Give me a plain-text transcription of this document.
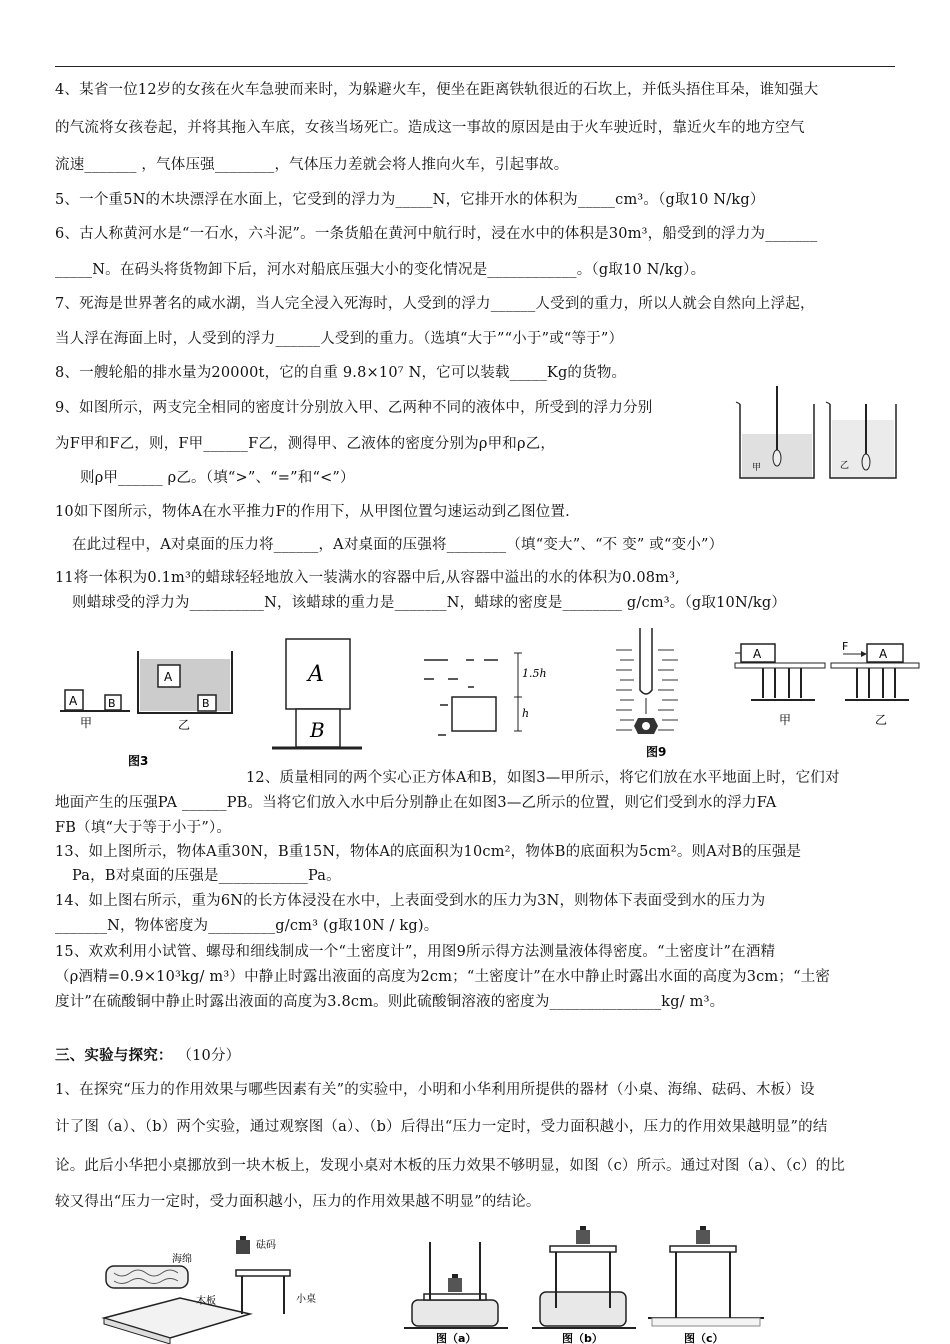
4、某省一位12岁的女孩在火车急驶而来时，为躲避火车，便坐在距离铁轨很近的石坎上，并低头捂住耳朵，谁知强大
的气流将女孩卷起，并将其拖入车底，女孩当场死亡。造成这一事故的原因是由于火车驶近时，靠近火车的地方空气
流速_______ ，气体压强________，气体压力差就会将人推向火车，引起事故。
5、一个重5N的木块漂浮在水面上，它受到的浮力为_____N，它排开水的体积为_____cm³。（g取10 N/kg）
6、古人称黄河水是“一石水，六斗泥”。一条货船在黄河中航行时，浸在水中的体积是30m³，船受到的浮力为_______
_____N。在码头将货物卸下后，河水对船底压强大小的变化情况是____________。（g取10 N/kg）。
7、死海是世界著名的咸水湖，当人完全浸入死海时，人受到的浮力______人受到的重力，所以人就会自然向上浮起，
当人浮在海面上时，人受到的浮力______人受到的重力。（选填“大于”“小于”或“等于”）
8、一艘轮船的排水量为20000t，它的自重 9.8×10⁷ N，它可以装载_____Kg的货物。
9、如图所示，两支完全相同的密度计分别放入甲、乙两种不同的液体中，所受到的浮力分别
为F甲和F乙，则，F甲______F乙，测得甲、乙液体的密度分别为ρ甲和ρ乙，
则ρ甲______ ρ乙。（填“>”、“=”和“<”）
甲	乙
10如下图所示，物体A在水平推力F的作用下，从甲图位置匀速运动到乙图位置.
在此过程中，A对桌面的压力将______，A对桌面的压强将________（填“变大”、“不 变” 或“变小”）
11将一体积为0.1m³的蜡球轻轻地放入一装满水的容器中后,从容器中溢出的水的体积为0.08m³,
则蜡球受的浮力为__________N，该蜡球的重力是_______N，蜡球的密度是________ g/cm³。（g取10N/kg）
A	B
甲
A
B
乙
图3
A
B
1.5h
h
图9
A
甲
F
A
乙
12、质量相同的两个实心正方体A和B，如图3—甲所示，将它们放在水平地面上时，它们对
地面产生的压强PA ______PB。当将它们放入水中后分别静止在如图3—乙所示的位置，则它们受到水的浮力FA
FB（填“大于等于小于”）。
13、如上图所示，物体A重30N，B重15N，物体A的底面积为10cm²，物体B的底面积为5cm²。则A对B的压强是
Pa，B对桌面的压强是____________Pa。
14、如上图右所示，重为6N的长方体浸没在水中，上表面受到水的压力为3N，则物体下表面受到水的压力为
_______N，物体密度为_________g/cm³ (g取10N / kg)。
15、欢欢利用小试管、螺母和细线制成一个“土密度计”，用图9所示得方法测量液体得密度。“土密度计”在酒精
（ρ酒精=0.9×10³kg/ m³）中静止时露出液面的高度为2cm；“土密度计”在水中静止时露出水面的高度为3cm；“土密
度计”在硫酸铜中静止时露出液面的高度为3.8cm。则此硫酸铜溶液的密度为_______________kg/ m³。
三、实验与探究： （10分）
1、在探究“压力的作用效果与哪些因素有关”的实验中，小明和小华利用所提供的器材（小桌、海绵、砝码、木板）设
计了图（a）、（b）两个实验，通过观察图（a）、（b）后得出“压力一定时，受力面积越小，压力的作用效果越明显”的结
论。此后小华把小桌挪放到一块木板上，发现小桌对木板的压力效果不够明显，如图（c）所示。通过对图（a）、（c）的比
较又得出“压力一定时，受力面积越小，压力的作用效果越不明显”的结论。
海绵
木板
砝码
小桌
图（a）	图（b）	图（c）
